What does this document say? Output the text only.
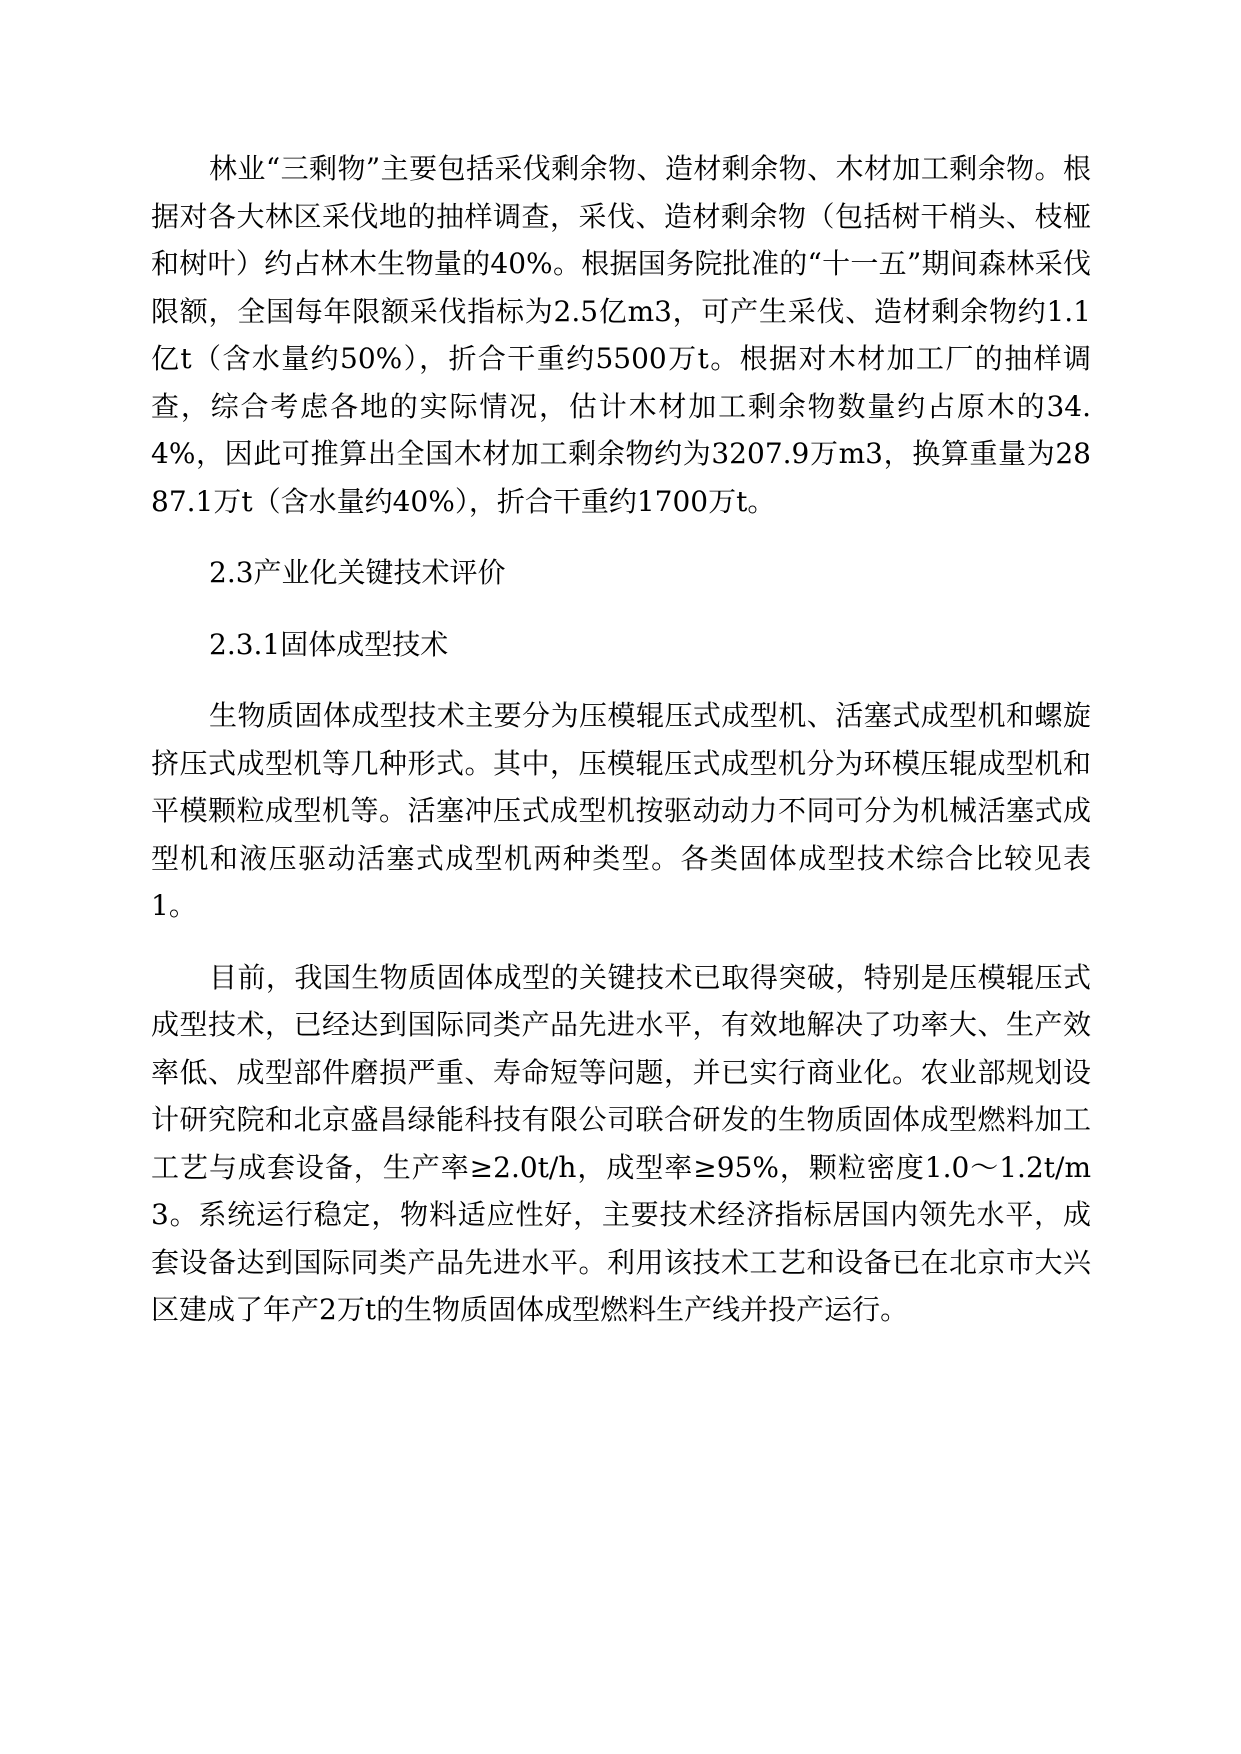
林业“三剩物”主要包括采伐剩余物、造材剩余物、木材加工剩余物。根据对各大林区采伐地的抽样调查，采伐、造材剩余物（包括树干梢头、枝桠和树叶）约占林木生物量的40%。根据国务院批准的“十一五”期间森林采伐限额，全国每年限额采伐指标为2.5亿m3，可产生采伐、造材剩余物约1.1亿t（含水量约50%），折合干重约5500万t。根据对木材加工厂的抽样调查，综合考虑各地的实际情况，估计木材加工剩余物数量约占原木的34.4%，因此可推算出全国木材加工剩余物约为3207.9万m3，换算重量为2887.1万t（含水量约40%），折合干重约1700万t。

2.3产业化关键技术评价

2.3.1固体成型技术

生物质固体成型技术主要分为压模辊压式成型机、活塞式成型机和螺旋挤压式成型机等几种形式。其中，压模辊压式成型机分为环模压辊成型机和平模颗粒成型机等。活塞冲压式成型机按驱动动力不同可分为机械活塞式成型机和液压驱动活塞式成型机两种类型。各类固体成型技术综合比较见表1。

目前，我国生物质固体成型的关键技术已取得突破，特别是压模辊压式成型技术，已经达到国际同类产品先进水平，有效地解决了功率大、生产效率低、成型部件磨损严重、寿命短等问题，并已实行商业化。农业部规划设计研究院和北京盛昌绿能科技有限公司联合研发的生物质固体成型燃料加工工艺与成套设备，生产率≥2.0t/h，成型率≥95%，颗粒密度1.0～1.2t/m3。系统运行稳定，物料适应性好，主要技术经济指标居国内领先水平，成套设备达到国际同类产品先进水平。利用该技术工艺和设备已在北京市大兴区建成了年产2万t的生物质固体成型燃料生产线并投产运行。
